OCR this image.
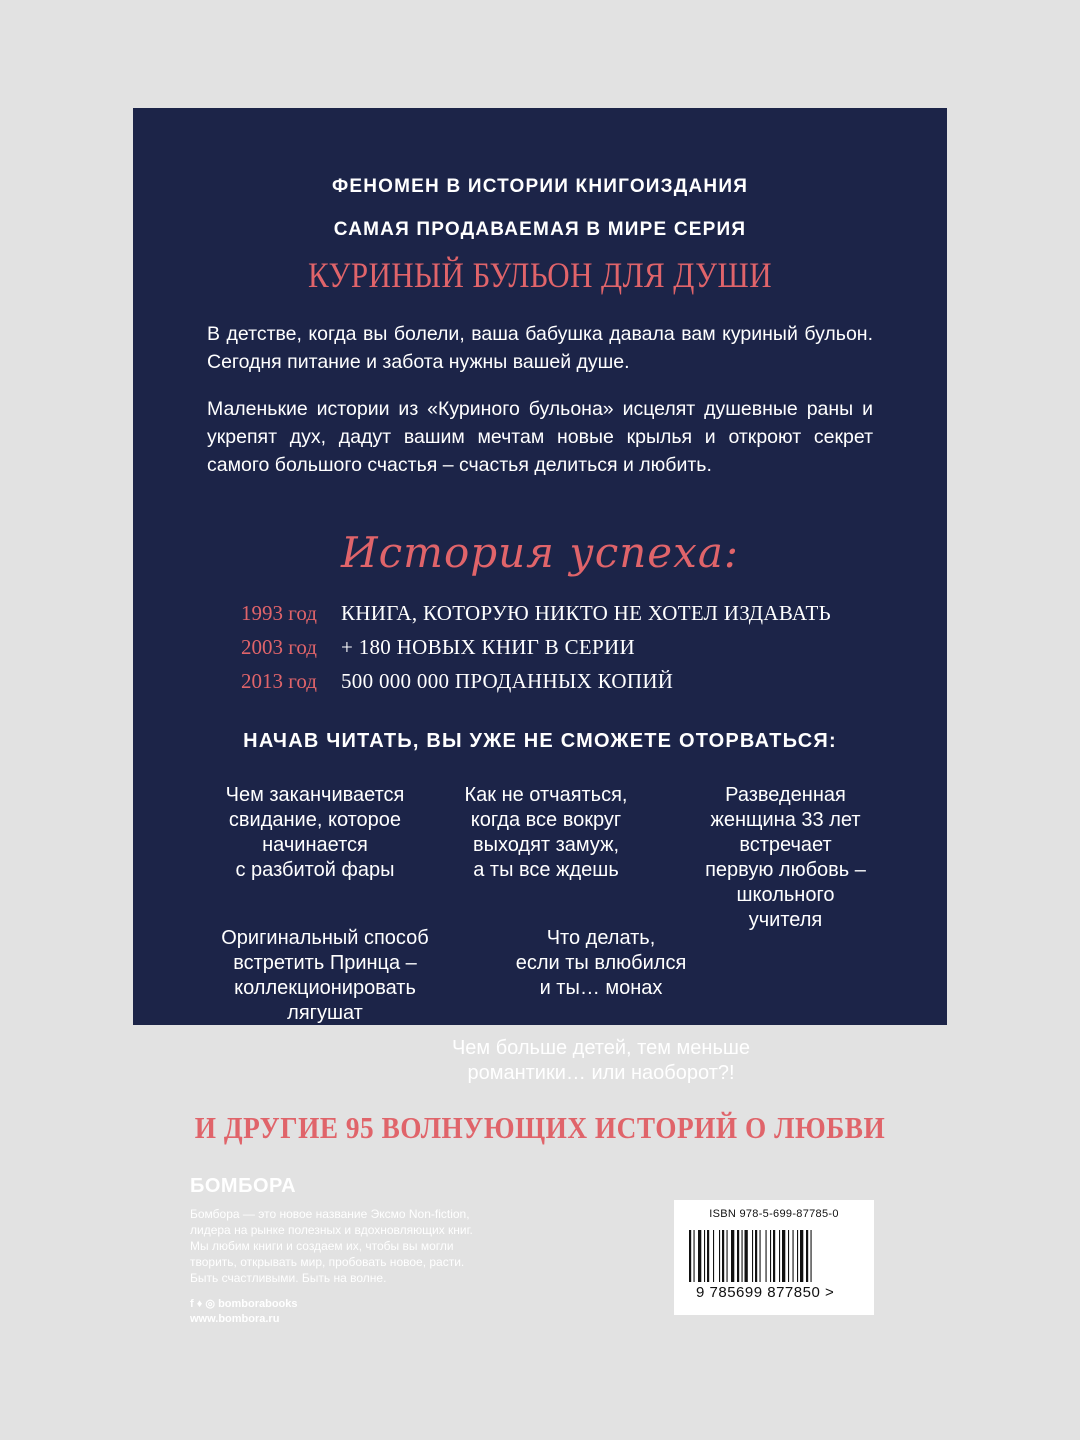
ФЕНОМЕН В ИСТОРИИ КНИГОИЗДАНИЯ
САМАЯ ПРОДАВАЕМАЯ В МИРЕ СЕРИЯ
КУРИНЫЙ БУЛЬОН ДЛЯ ДУШИ
В детстве, когда вы болели, ваша бабушка давала вам куриный бульон. Сегодня питание и забота нужны вашей душе.
Маленькие истории из «Куриного бульона» исцелят душевные раны и укрепят дух, дадут вашим мечтам новые крылья и откроют секрет самого большого счастья – счастья делиться и любить.
История успеха:
1993 год КНИГА, КОТОРУЮ НИКТО НЕ ХОТЕЛ ИЗДАВАТЬ
2003 год + 180 НОВЫХ КНИГ В СЕРИИ
2013 год 500 000 000 ПРОДАННЫХ КОПИЙ
НАЧАВ ЧИТАТЬ, ВЫ УЖЕ НЕ СМОЖЕТЕ ОТОРВАТЬСЯ:
Чем заканчивается
свидание, которое
начинается
с разбитой фары
Как не отчаяться,
когда все вокруг
выходят замуж,
а ты все ждешь
Разведенная
женщина 33 лет
встречает
первую любовь –
школьного
учителя
Оригинальный способ
встретить Принца –
коллекционировать
лягушат
Что делать,
если ты влюбился
и ты… монах
Чем больше детей, тем меньше
романтики… или наоборот?!
И ДРУГИЕ 95 ВОЛНУЮЩИХ ИСТОРИЙ О ЛЮБВИ
БОМБОРА
Бомбора — это новое название Эксмо Non-fiction,
лидера на рынке полезных и вдохновляющих книг.
Мы любим книги и создаем их, чтобы вы могли
творить, открывать мир, пробовать новое, расти.
Быть счастливыми. Быть на волне.
f ♦ ◎ bomborabooks
www.bombora.ru
ISBN 978-5-699-87785-0
9 785699 877850 >
